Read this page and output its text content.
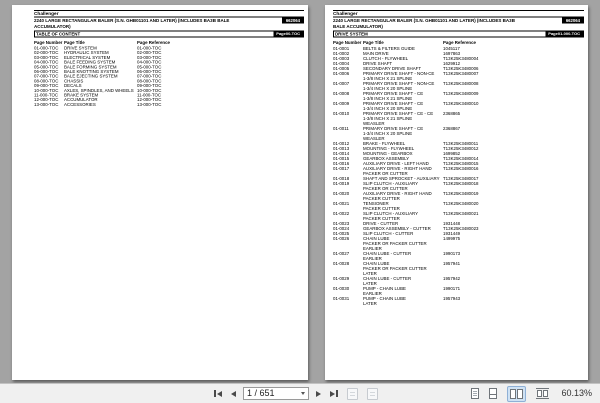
Challenger
2240 LARGE RECTANGULAR BALER (S.N. GHB01101 AND LATER) (INCLUDES BA3B BALE	662064
ACCUMULATOR)
TABLE OF CONTENT	Page00-TOC
Page Number Page Title	Page Reference
01-000-TOC DRIVE SYSTEM	01-000-TOC
02-000-TOC HYDRAULIC SYSTEM	02-000-TOC
03-000-TOC ELECTRICAL SYSTEM	03-000-TOC
04-000-TOC BALE FEEDING SYSTEM	04-000-TOC
05-000-TOC BALE FORMING SYSTEM	05-000-TOC
06-000-TOC BALE KNOTTING SYSTEM	06-000-TOC
07-000-TOC BALE EJECTING SYSTEM	07-000-TOC
08-000-TOC CHASSIS	08-000-TOC
09-000-TOC DECALS	09-000-TOC
10-000-TOC AXLES, SPINDLES, AND WHEELS 10-000-TOC
11-000-TOC BRAKE SYSTEM	11-000-TOC
12-000-TOC ACCUMULATOR	12-000-TOC
13-000-TOC ACCESSORIES	13-000-TOC
Challenger
2240 LARGE RECTANGULAR BALER (S.N. GHB01101 AND LATER) (INCLUDES BA3B	662064
BALE ACCUMULATOR)
DRIVE SYSTEM	Page01-000-TOC
Page Number Page Title	Page Reference
01-0001	BELTS & FILTERS GUIDE	1045117
01-0002	MAIN DRIVE	1697863
01-0003	CLUTCH - FLYWHEEL	T13K25K3480004
01-0004	DRIVE SHAFT	1629912
01-0005	SECONDARY DRIVE SHAFT	T13K25K3480006
01-0006	PRIMARY DRIVE SHAFT - NON-CE
1-3/8 INCH X 21 SPLINE
T13K25K3480007
01-0007	PRIMARY DRIVE SHAFT - NON-CE
1-3/4 INCH X 20 SPLINE
T13K25K3480008
01-0008	PRIMARY DRIVE SHAFT - CE
1-3/8 INCH X 21 SPLINE
T13K25K3480009
01-0009	PRIMARY DRIVE SHAFT - CE
1-3/4 INCH X 20 SPLINE
T13K25K3480010
01-0010	PRIMARY DRIVE SHAFT - CE - CE
1-3/8 INCH X 21 SPLINE
WEASLER
2368865
01-0011	PRIMARY DRIVE SHAFT - CE
1-3/4 INCH X 20 SPLINE
WEASLER
2368867
01-0012	BRAKE - FLYWHEEL	T13K25K3480011
01-0013	MOUNTING - FLYWHEEL	T13K25K3480012
01-0014	MOUNTING - GEARBOX	1699852
01-0015	GEARBOX ASSEMBLY	T13K25K3480014
01-0016	AUXILIARY DRIVE - LEFT HAND	T13K25K3480015
01-0017	AUXILIARY DRIVE - RIGHT HAND
PACKER OR CUTTER
T13K25K3480016
01-0018	SHAFT AND SPROCKET - AUXILIARY T13K25K3480017
01-0019	SLIP CLUTCH - AUXILIARY
PACKER OR CUTTER
T13K25K3480018
01-0020	AUXILIARY DRIVE - RIGHT HAND
PACKER CUTTER
T13K25K3480019
01-0021	TENSIONER
PACKER CUTTER
T13K25K3480020
01-0022	SLIP CLUTCH - AUXILIARY
PACKER CUTTER
T13K25K3480021
01-0023	DRIVE - CUTTER	1931448
01-0024	GEARBOX ASSEMBLY - CUTTER	T13K25K3480023
01-0025	SLIP CLUTCH - CUTTER	1931449
01-0026	CHAIN LUBE
PACKER OR PACKER CUTTER
EARLIER
1499975
01-0027	CHAIN LUBE - CUTTER
EARLIER
1990173
01-0028	CHAIN LUBE
PACKER OR PACKER CUTTER
LATER
1957941
01-0029	CHAIN LUBE - CUTTER
LATER
1957942
01-0030	PUMP - CHAIN LUBE
EARLIER
1990171
01-0031	PUMP - CHAIN LUBE
LATER
1957943
1 / 651	60.13%
